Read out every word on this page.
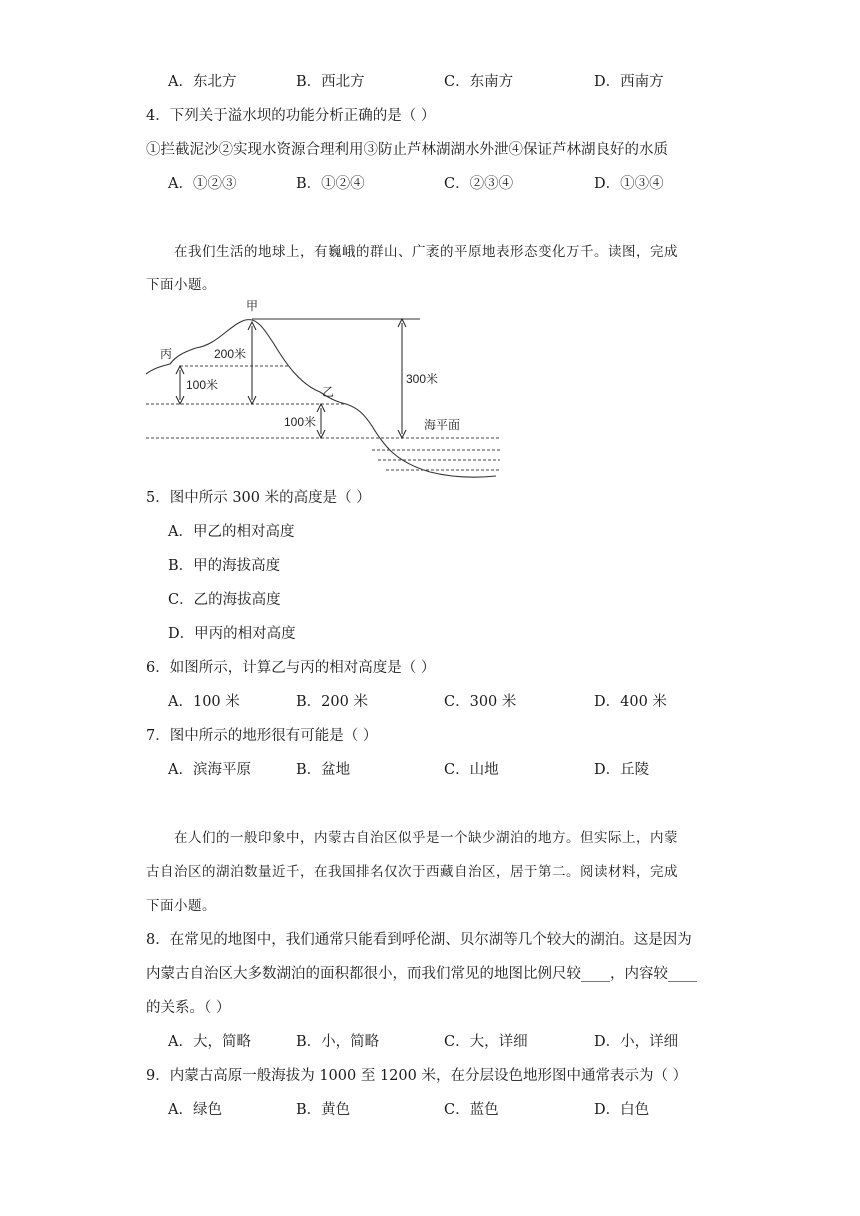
A．东北方	B．西北方	C．东南方	D．西南方
4．下列关于溢水坝的功能分析正确的是（ ）
①拦截泥沙②实现水资源合理利用③防止芦林湖湖水外泄④保证芦林湖良好的水质
A．①②③	B．①②④	C．②③④	D．①③④
在我们生活的地球上，有巍峨的群山、广袤的平原地表形态变化万千。读图，完成
下面小题。
甲
丙	200米
100米	乙
100米
300米
海平面
5．图中所示 300 米的高度是（ ）
A．甲乙的相对高度
B．甲的海拔高度
C．乙的海拔高度
D．甲丙的相对高度
6．如图所示，计算乙与丙的相对高度是（ ）
A．100 米	B．200 米	C．300 米	D．400 米
7．图中所示的地形很有可能是（ ）
A．滨海平原	B．盆地	C．山地	D．丘陵
在人们的一般印象中，内蒙古自治区似乎是一个缺少湖泊的地方。但实际上，内蒙
古自治区的湖泊数量近千，在我国排名仅次于西藏自治区，居于第二。阅读材料，完成
下面小题。
8．在常见的地图中，我们通常只能看到呼伦湖、贝尔湖等几个较大的湖泊。这是因为
内蒙古自治区大多数湖泊的面积都很小，而我们常见的地图比例尺较____，内容较____
的关系。（ ）
A．大，简略	B．小，简略	C．大，详细	D．小，详细
9．内蒙古高原一般海拔为 1000 至 1200 米，在分层设色地形图中通常表示为（ ）
A．绿色	B．黄色	C．蓝色	D．白色
